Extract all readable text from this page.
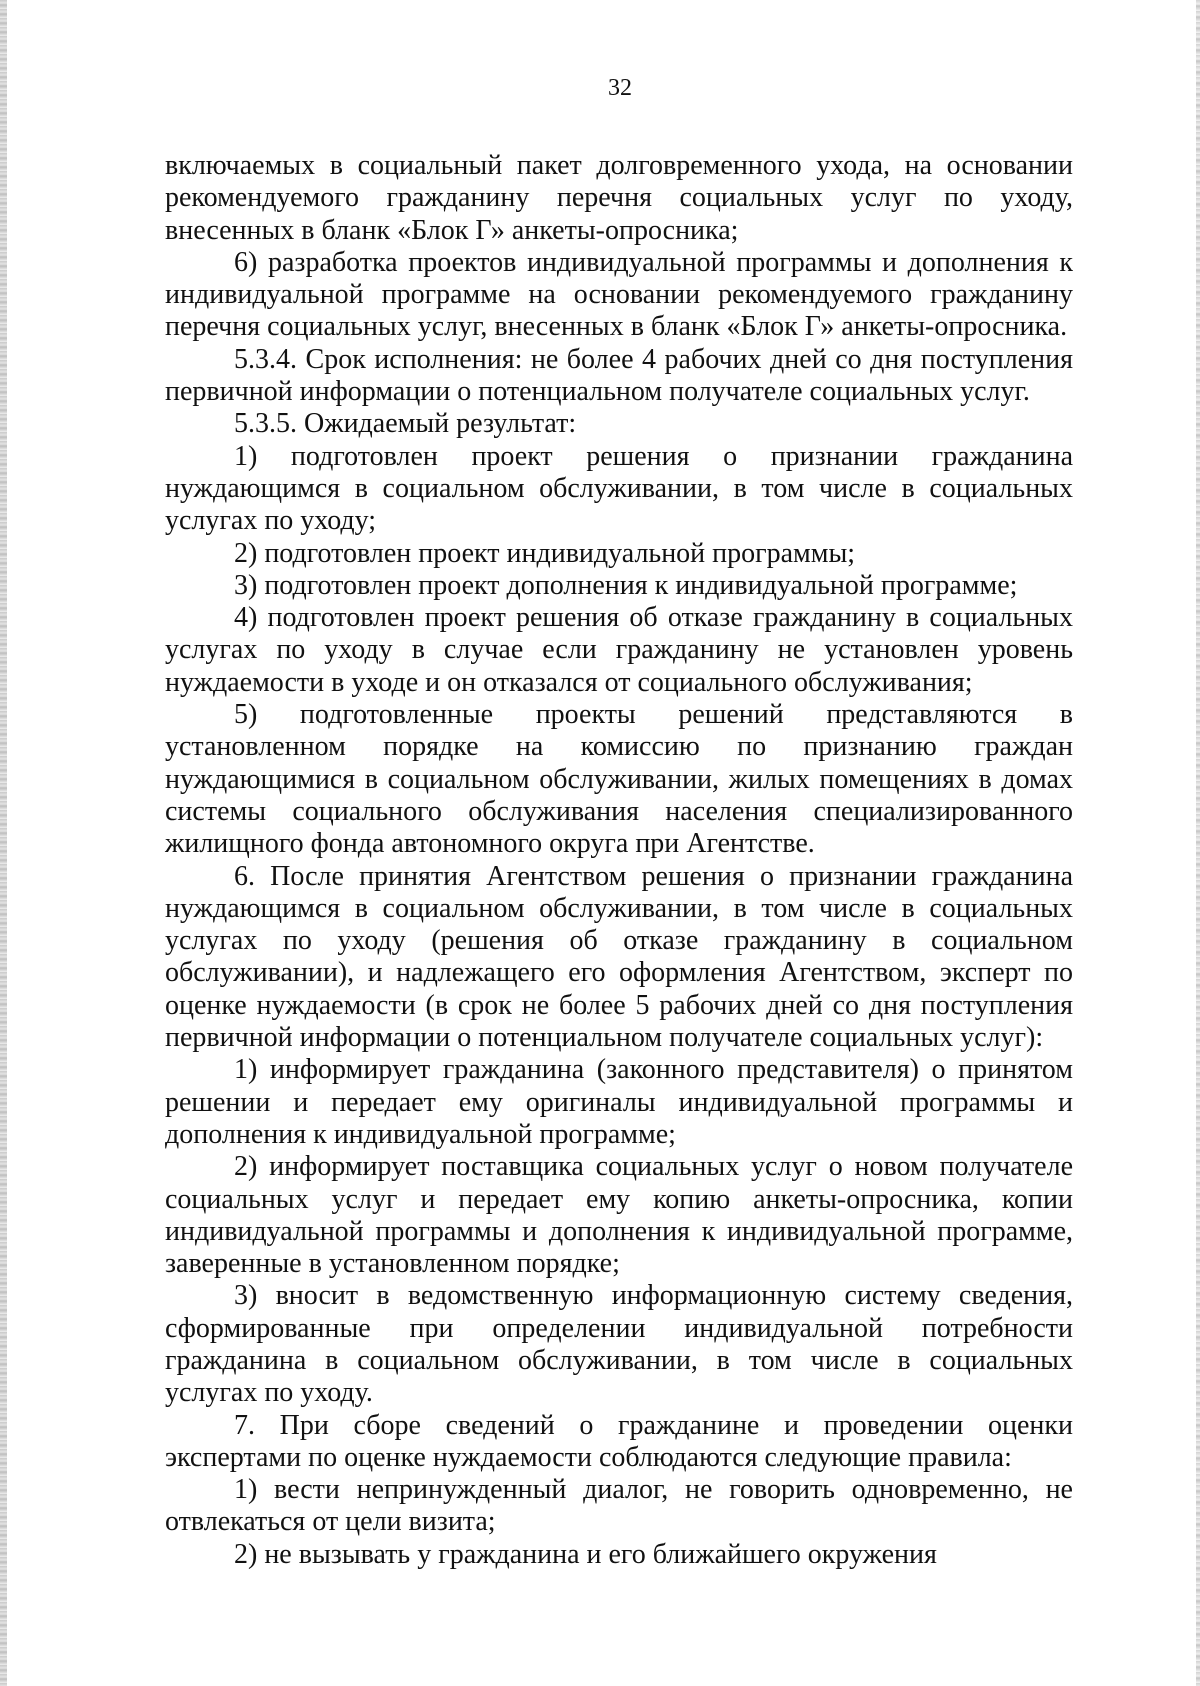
32

включаемых в социальный пакет долговременного ухода, на основании рекомендуемого гражданину перечня социальных услуг по уходу, внесенных в бланк «Блок Г» анкеты-опросника;

6) разработка проектов индивидуальной программы и дополнения к индивидуальной программе на основании рекомендуемого гражданину перечня социальных услуг, внесенных в бланк «Блок Г» анкеты-опросника.

5.3.4. Срок исполнения: не более 4 рабочих дней со дня поступления первичной информации о потенциальном получателе социальных услуг.

5.3.5. Ожидаемый результат:

1) подготовлен проект решения о признании гражданина нуждающимся в социальном обслуживании, в том числе в социальных услугах по уходу;

2) подготовлен проект индивидуальной программы;

3) подготовлен проект дополнения к индивидуальной программе;

4) подготовлен проект решения об отказе гражданину в социальных услугах по уходу в случае если гражданину не установлен уровень нуждаемости в уходе и он отказался от социального обслуживания;

5) подготовленные проекты решений представляются в установленном порядке на комиссию по признанию граждан нуждающимися в социальном обслуживании, жилых помещениях в домах системы социального обслуживания населения специализированного жилищного фонда автономного округа при Агентстве.

6. После принятия Агентством решения о признании гражданина нуждающимся в социальном обслуживании, в том числе в социальных услугах по уходу (решения об отказе гражданину в социальном обслуживании), и надлежащего его оформления Агентством, эксперт по оценке нуждаемости (в срок не более 5 рабочих дней со дня поступления первичной информации о потенциальном получателе социальных услуг):

1) информирует гражданина (законного представителя) о принятом решении и передает ему оригиналы индивидуальной программы и дополнения к индивидуальной программе;

2) информирует поставщика социальных услуг о новом получателе социальных услуг и передает ему копию анкеты-опросника, копии индивидуальной программы и дополнения к индивидуальной программе, заверенные в установленном порядке;

3) вносит в ведомственную информационную систему сведения, сформированные при определении индивидуальной потребности гражданина в социальном обслуживании, в том числе в социальных услугах по уходу.

7. При сборе сведений о гражданине и проведении оценки экспертами по оценке нуждаемости соблюдаются следующие правила:

1) вести непринужденный диалог, не говорить одновременно, не отвлекаться от цели визита;

2) не вызывать у гражданина и его ближайшего окружения
